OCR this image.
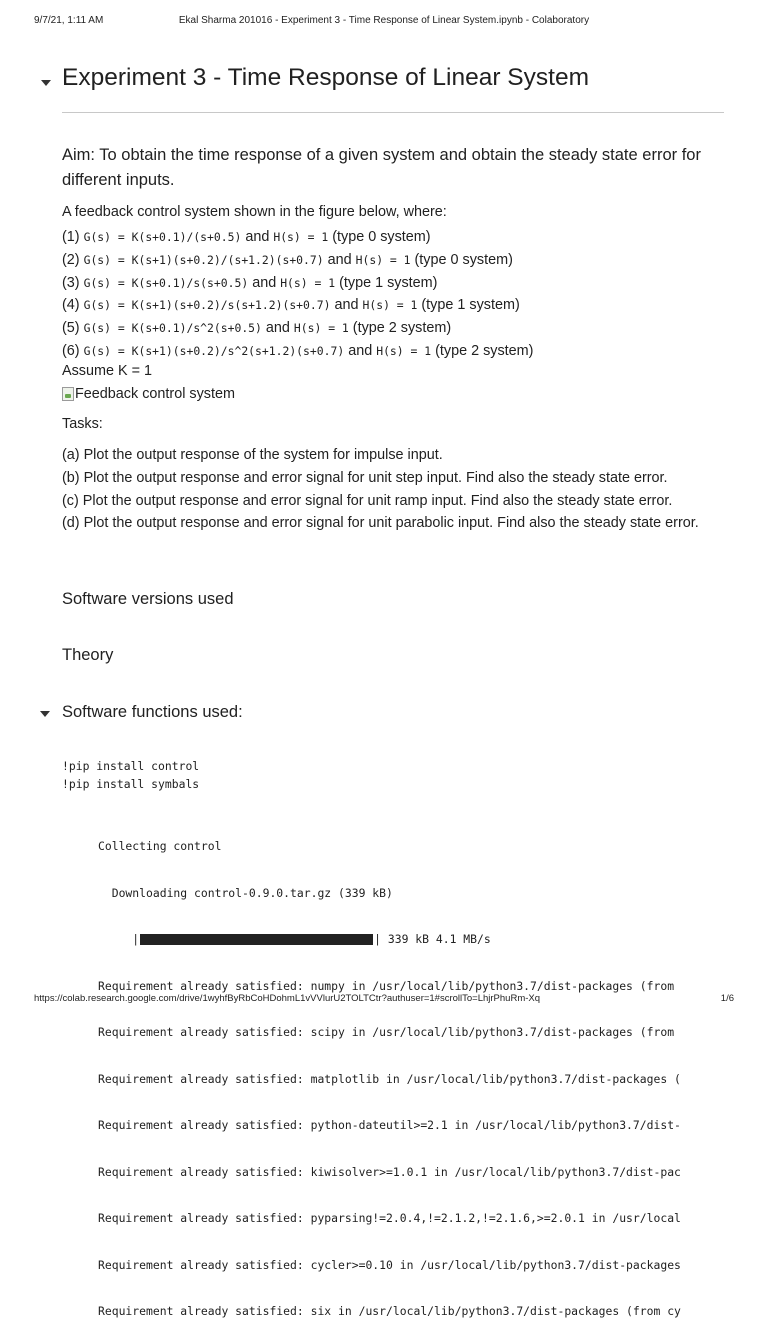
9/7/21, 1:11 AM	Ekal Sharma 201016 - Experiment 3 - Time Response of Linear System.ipynb - Colaboratory
Experiment 3 - Time Response of Linear System
Aim: To obtain the time response of a given system and obtain the steady state error for different inputs.
A feedback control system shown in the figure below, where:
(1) G(s) = K(s+0.1)/(s+0.5) and H(s) = 1 (type 0 system)
(2) G(s) = K(s+1)(s+0.2)/(s+1.2)(s+0.7) and H(s) = 1 (type 0 system)
(3) G(s) = K(s+0.1)/s(s+0.5) and H(s) = 1 (type 1 system)
(4) G(s) = K(s+1)(s+0.2)/s(s+1.2)(s+0.7) and H(s) = 1 (type 1 system)
(5) G(s) = K(s+0.1)/s^2(s+0.5) and H(s) = 1 (type 2 system)
(6) G(s) = K(s+1)(s+0.2)/s^2(s+1.2)(s+0.7) and H(s) = 1 (type 2 system)
Assume K = 1
Feedback control system
Tasks:

(a) Plot the output response of the system for impulse input.

(b) Plot the output response and error signal for unit step input. Find also the steady state error.

(c) Plot the output response and error signal for unit ramp input. Find also the steady state error.

(d) Plot the output response and error signal for unit parabolic input. Find also the steady state error.

Software versions used
Theory
Software functions used:
!pip install control
!pip install symbals

Collecting control

Downloading control-0.9.0.tar.gz (339 kB)

|	| 339 kB 4.1 MB/s

Requirement already satisfied: numpy in /usr/local/lib/python3.7/dist-packages (from

Requirement already satisfied: scipy in /usr/local/lib/python3.7/dist-packages (from

Requirement already satisfied: matplotlib in /usr/local/lib/python3.7/dist-packages (

Requirement already satisfied: python-dateutil>=2.1 in /usr/local/lib/python3.7/dist-

Requirement already satisfied: kiwisolver>=1.0.1 in /usr/local/lib/python3.7/dist-pac

Requirement already satisfied: pyparsing!=2.0.4,!=2.1.2,!=2.1.6,>=2.0.1 in /usr/local

Requirement already satisfied: cycler>=0.10 in /usr/local/lib/python3.7/dist-packages

Requirement already satisfied: six in /usr/local/lib/python3.7/dist-packages (from cy

https://colab.research.google.com/drive/1wyhfByRbCoHDohmL1vVVlurU2TOLTCtr?authuser=1#scrollTo=LhjrPhuRm-Xq	1/6
